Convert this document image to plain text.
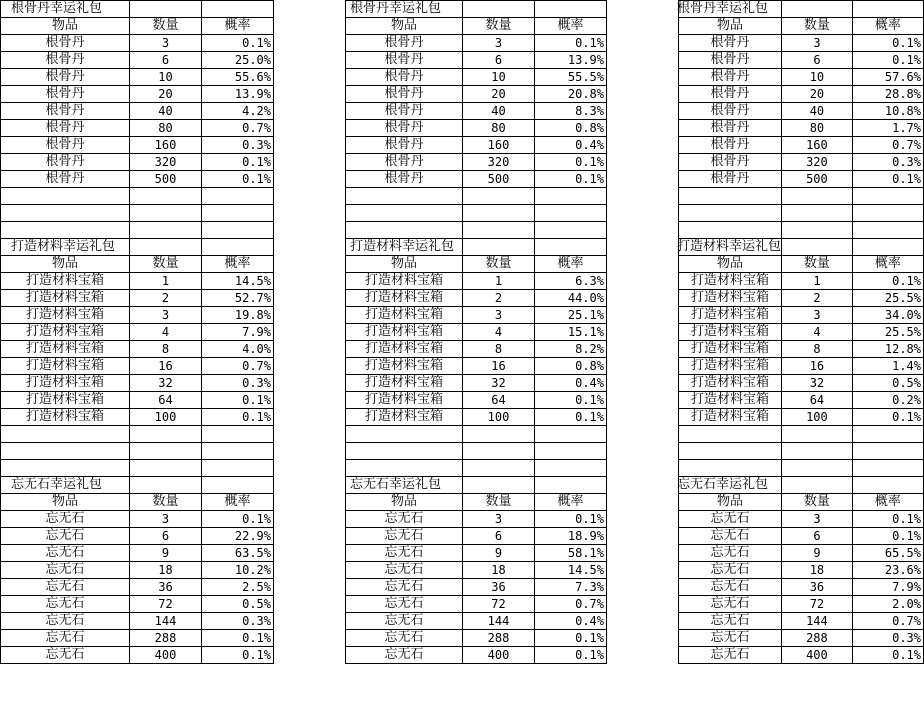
根骨丹幸运礼包		
物品	数量	概率
根骨丹	3	0.1%
根骨丹	6	25.0%
根骨丹	10	55.6%
根骨丹	20	13.9%
根骨丹	40	4.2%
根骨丹	80	0.7%
根骨丹	160	0.3%
根骨丹	320	0.1%
根骨丹	500	0.1%

打造材料幸运礼包		
物品	数量	概率
打造材料宝箱	1	14.5%
打造材料宝箱	2	52.7%
打造材料宝箱	3	19.8%
打造材料宝箱	4	7.9%
打造材料宝箱	8	4.0%
打造材料宝箱	16	0.7%
打造材料宝箱	32	0.3%
打造材料宝箱	64	0.1%
打造材料宝箱	100	0.1%

忘无石幸运礼包		
物品	数量	概率
忘无石	3	0.1%
忘无石	6	22.9%
忘无石	9	63.5%
忘无石	18	10.2%
忘无石	36	2.5%
忘无石	72	0.5%
忘无石	144	0.3%
忘无石	288	0.1%
忘无石	400	0.1%
根骨丹幸运礼包		
物品	数量	概率
根骨丹	3	0.1%
根骨丹	6	13.9%
根骨丹	10	55.5%
根骨丹	20	20.8%
根骨丹	40	8.3%
根骨丹	80	0.8%
根骨丹	160	0.4%
根骨丹	320	0.1%
根骨丹	500	0.1%

打造材料幸运礼包		
物品	数量	概率
打造材料宝箱	1	6.3%
打造材料宝箱	2	44.0%
打造材料宝箱	3	25.1%
打造材料宝箱	4	15.1%
打造材料宝箱	8	8.2%
打造材料宝箱	16	0.8%
打造材料宝箱	32	0.4%
打造材料宝箱	64	0.1%
打造材料宝箱	100	0.1%

忘无石幸运礼包		
物品	数量	概率
忘无石	3	0.1%
忘无石	6	18.9%
忘无石	9	58.1%
忘无石	18	14.5%
忘无石	36	7.3%
忘无石	72	0.7%
忘无石	144	0.4%
忘无石	288	0.1%
忘无石	400	0.1%
根骨丹幸运礼包		
物品	数量	概率
根骨丹	3	0.1%
根骨丹	6	0.1%
根骨丹	10	57.6%
根骨丹	20	28.8%
根骨丹	40	10.8%
根骨丹	80	1.7%
根骨丹	160	0.7%
根骨丹	320	0.3%
根骨丹	500	0.1%

打造材料幸运礼包		
物品	数量	概率
打造材料宝箱	1	0.1%
打造材料宝箱	2	25.5%
打造材料宝箱	3	34.0%
打造材料宝箱	4	25.5%
打造材料宝箱	8	12.8%
打造材料宝箱	16	1.4%
打造材料宝箱	32	0.5%
打造材料宝箱	64	0.2%
打造材料宝箱	100	0.1%

忘无石幸运礼包		
物品	数量	概率
忘无石	3	0.1%
忘无石	6	0.1%
忘无石	9	65.5%
忘无石	18	23.6%
忘无石	36	7.9%
忘无石	72	2.0%
忘无石	144	0.7%
忘无石	288	0.3%
忘无石	400	0.1%
